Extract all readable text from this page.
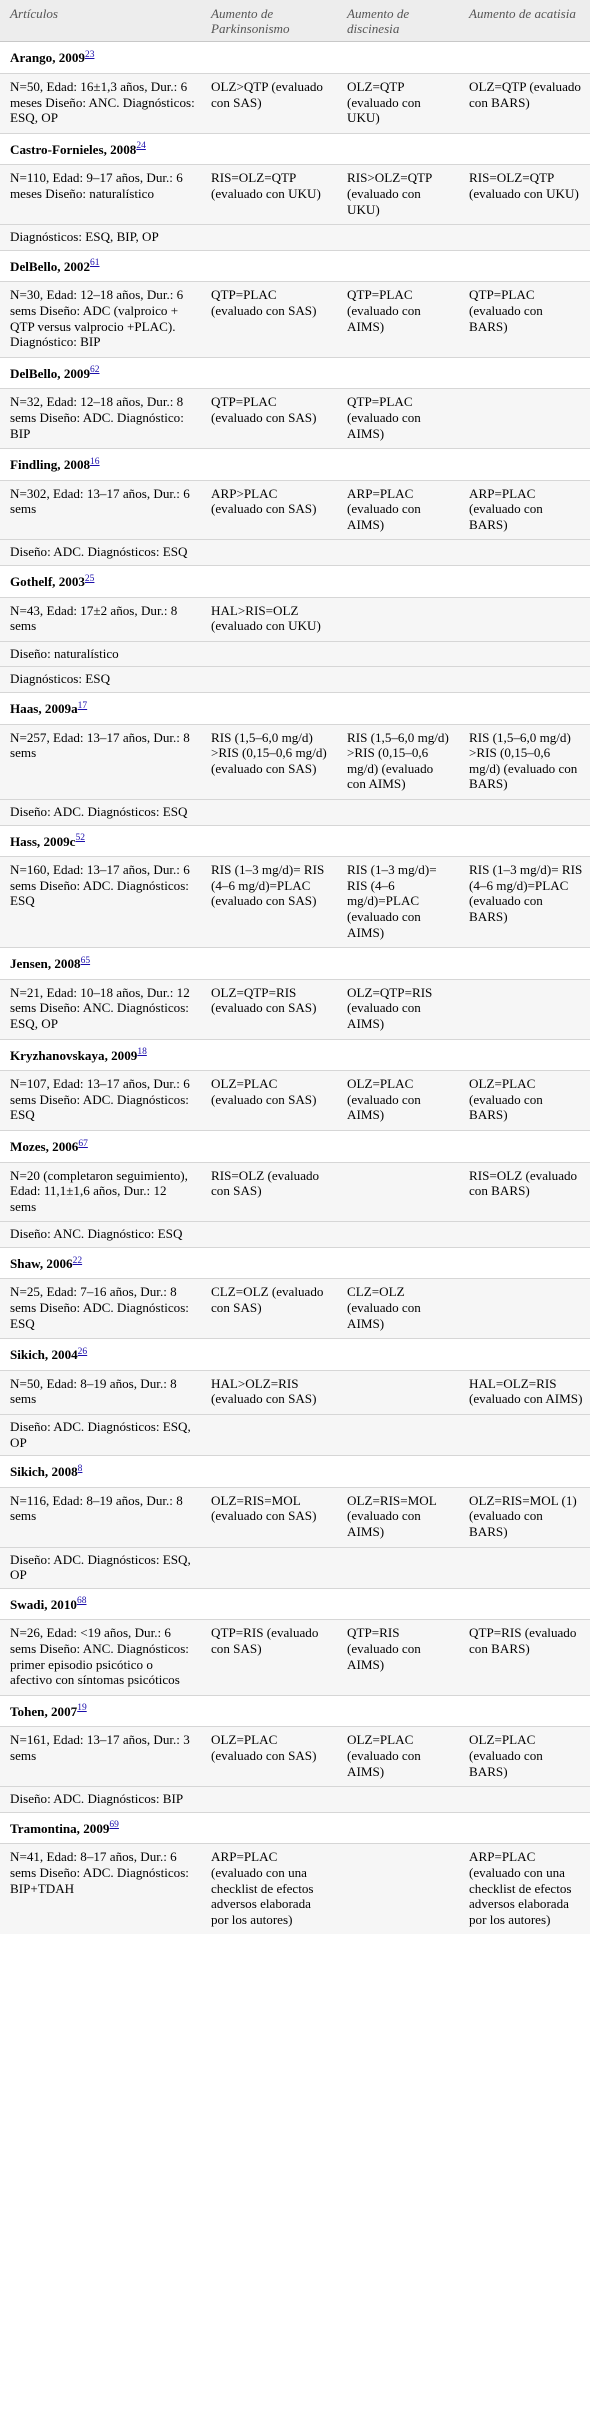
Artículos	Aumento de Parkinsonismo	Aumento de discinesia	Aumento de acatisia
Arango, 2009$^{23}$			
N=50, Edad: 16±1,3 años, Dur.: 6 meses Diseño: ANC. Diagnósticos: ESQ, OP	OLZ>QTP (evaluado con SAS)	OLZ=QTP (evaluado con UKU)	OLZ=QTP (evaluado con BARS)
Castro-Fornieles, 2008$^{24}$			
N=110, Edad: 9–17 años, Dur.: 6 meses Diseño: naturalístico	RIS=OLZ=QTP (evaluado con UKU)	RIS>OLZ=QTP (evaluado con UKU)	RIS=OLZ=QTP (evaluado con UKU)
Diagnósticos: ESQ, BIP, OP			
DelBello, 2002$^{61}$			
N=30, Edad: 12–18 años, Dur.: 6 sems Diseño: ADC (valproico + QTP versus valprocio +PLAC). Diagnóstico: BIP	QTP=PLAC (evaluado con SAS)	QTP=PLAC (evaluado con AIMS)	QTP=PLAC (evaluado con BARS)
DelBello, 2009$^{62}$			
N=32, Edad: 12–18 años, Dur.: 8 sems Diseño: ADC. Diagnóstico: BIP	QTP=PLAC (evaluado con SAS)	QTP=PLAC (evaluado con AIMS)	
Findling, 2008$^{16}$			
N=302, Edad: 13–17 años, Dur.: 6 sems	ARP>PLAC (evaluado con SAS)	ARP=PLAC (evaluado con AIMS)	ARP=PLAC (evaluado con BARS)
Diseño: ADC. Diagnósticos: ESQ			
Gothelf, 2003$^{25}$			
N=43, Edad: 17±2 años, Dur.: 8 sems	HAL>RIS=OLZ (evaluado con UKU)		
Diseño: naturalístico			
Diagnósticos: ESQ			
Haas, 2009a$^{17}$			
N=257, Edad: 13–17 años, Dur.: 8 sems	RIS (1,5–6,0 mg/d) >RIS (0,15–0,6 mg/d) (evaluado con SAS)	RIS (1,5–6,0 mg/d) >RIS (0,15–0,6 mg/d) (evaluado con AIMS)	RIS (1,5–6,0 mg/d) >RIS (0,15–0,6 mg/d) (evaluado con BARS)
Diseño: ADC. Diagnósticos: ESQ			
Hass, 2009c$^{52}$			
N=160, Edad: 13–17 años, Dur.: 6 sems Diseño: ADC. Diagnósticos: ESQ	RIS (1–3 mg/d)= RIS (4–6 mg/d)=PLAC (evaluado con SAS)	RIS (1–3 mg/d)= RIS (4–6 mg/d)=PLAC (evaluado con AIMS)	RIS (1–3 mg/d)= RIS (4–6 mg/d)=PLAC (evaluado con BARS)
Jensen, 2008$^{65}$			
N=21, Edad: 10–18 años, Dur.: 12 sems Diseño: ANC. Diagnósticos: ESQ, OP	OLZ=QTP=RIS (evaluado con SAS)	OLZ=QTP=RIS (evaluado con AIMS)	
Kryzhanovskaya, 2009$^{18}$			
N=107, Edad: 13–17 años, Dur.: 6 sems Diseño: ADC. Diagnósticos: ESQ	OLZ=PLAC (evaluado con SAS)	OLZ=PLAC (evaluado con AIMS)	OLZ=PLAC (evaluado con BARS)
Mozes, 2006$^{67}$			
N=20 (completaron seguimiento), Edad: 11,1±1,6 años, Dur.: 12 sems	RIS=OLZ (evaluado con SAS)		RIS=OLZ (evaluado con BARS)
Diseño: ANC. Diagnóstico: ESQ			
Shaw, 2006$^{22}$			
N=25, Edad: 7–16 años, Dur.: 8 sems Diseño: ADC. Diagnósticos: ESQ	CLZ=OLZ (evaluado con SAS)	CLZ=OLZ (evaluado con AIMS)	
Sikich, 2004$^{26}$			
N=50, Edad: 8–19 años, Dur.: 8 sems	HAL>OLZ=RIS (evaluado con SAS)		HAL=OLZ=RIS (evaluado con AIMS)
Diseño: ADC. Diagnósticos: ESQ, OP			
Sikich, 2008$^8$			
N=116, Edad: 8–19 años, Dur.: 8 sems	OLZ=RIS=MOL (evaluado con SAS)	OLZ=RIS=MOL (evaluado con AIMS)	OLZ=RIS=MOL (1) (evaluado con BARS)
Diseño: ADC. Diagnósticos: ESQ, OP			
Swadi, 2010$^{68}$			
N=26, Edad: <19 años, Dur.: 6 sems Diseño: ANC. Diagnósticos: primer episodio psicótico o afectivo con síntomas psicóticos	QTP=RIS (evaluado con SAS)	QTP=RIS (evaluado con AIMS)	QTP=RIS (evaluado con BARS)
Tohen, 2007$^{19}$			
N=161, Edad: 13–17 años, Dur.: 3 sems	OLZ=PLAC (evaluado con SAS)	OLZ=PLAC (evaluado con AIMS)	OLZ=PLAC (evaluado con BARS)
Diseño: ADC. Diagnósticos: BIP			
Tramontina, 2009$^{69}$			
N=41, Edad: 8–17 años, Dur.: 6 sems Diseño: ADC. Diagnósticos: BIP+TDAH	ARP=PLAC (evaluado con una checklist de efectos adversos elaborada por los autores)		ARP=PLAC (evaluado con una checklist de efectos adversos elaborada por los autores)
